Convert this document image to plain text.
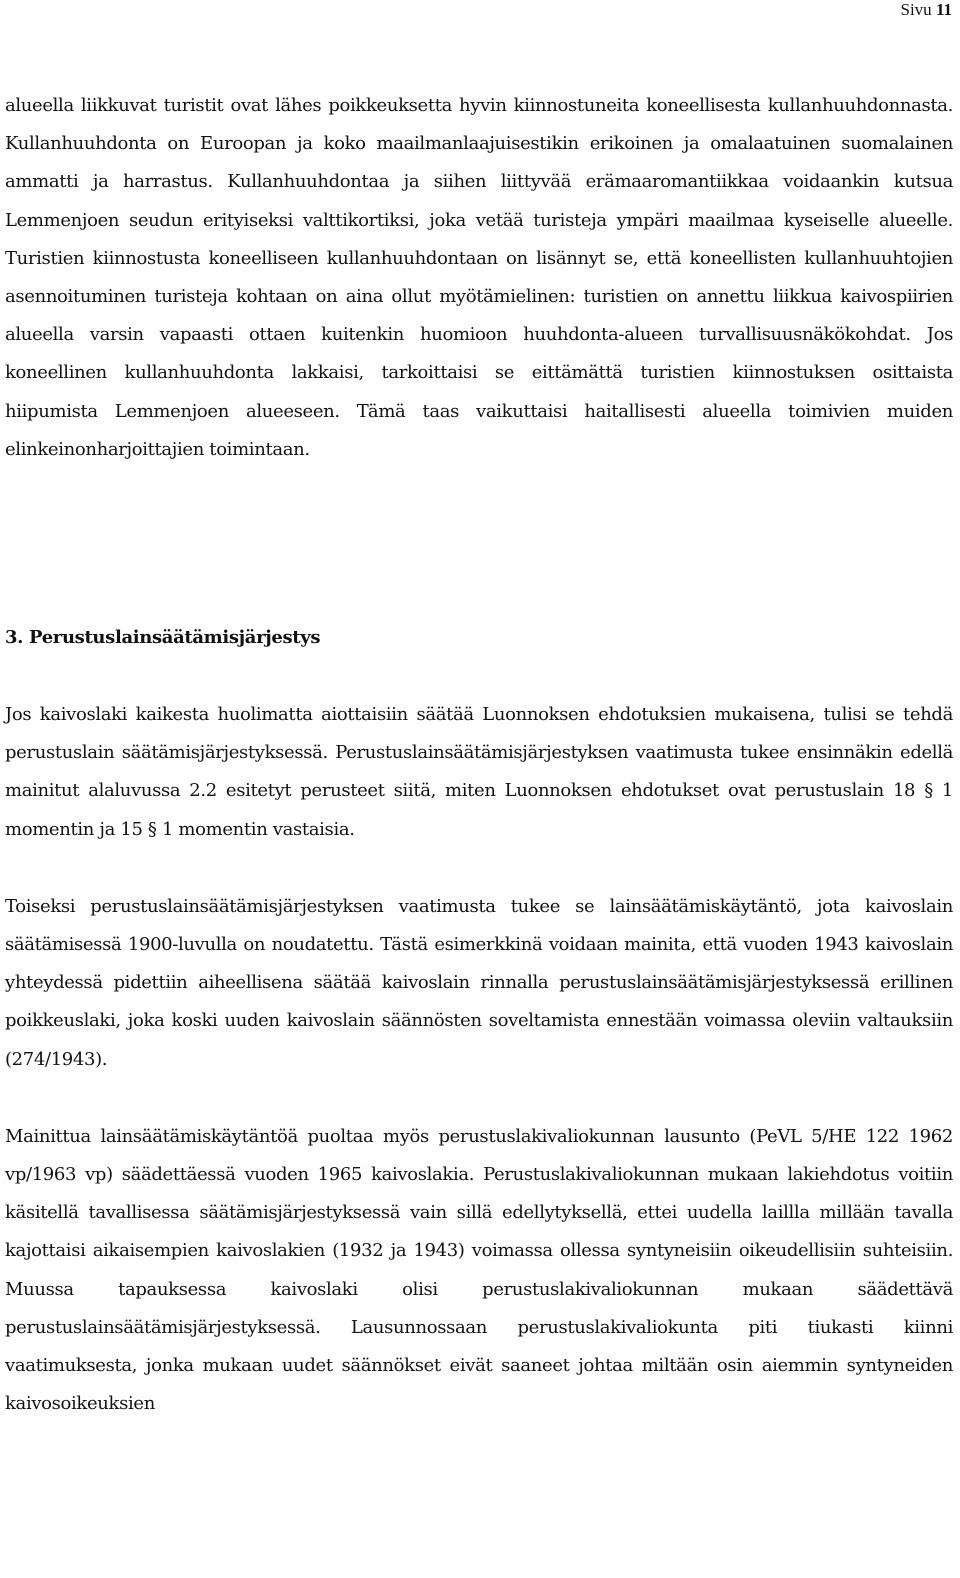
Sivu 11

alueella liikkuvat turistit ovat lähes poikkeuksetta hyvin kiinnostuneita koneellisesta kullanhuuhdonnasta. Kullanhuuhdonta on Euroopan ja koko maailmanlaajuisestikin erikoinen ja omalaatuinen suomalainen ammatti ja harrastus. Kullanhuuhdontaa ja siihen liittyvää erämaaromantiikkaa voidaankin kutsua Lemmenjoen seudun erityiseksi valttikortiksi, joka vetää turisteja ympäri maailmaa kyseiselle alueelle. Turistien kiinnostusta koneelliseen kullanhuuhdontaan on lisännyt se, että koneellisten kullanhuuhtojien asennoituminen turisteja kohtaan on aina ollut myötämielinen: turistien on annettu liikkua kaivospiirien alueella varsin vapaasti ottaen kuitenkin huomioon huuhdonta-alueen turvallisuusnäkökohdat. Jos koneellinen kullanhuuhdonta lakkaisi, tarkoittaisi se eittämättä turistien kiinnostuksen osittaista hiipumista Lemmenjoen alueeseen. Tämä taas vaikuttaisi haitallisesti alueella toimivien muiden elinkeinonharjoittajien toimintaan.

3. Perustuslainsäätämisjärjestys

Jos kaivoslaki kaikesta huolimatta aiottaisiin säätää Luonnoksen ehdotuksien mukaisena, tulisi se tehdä perustuslain säätämisjärjestyksessä. Perustuslainsäätämisjärjestyksen vaatimusta tukee ensinnäkin edellä mainitut alaluvussa 2.2 esitetyt perusteet siitä, miten Luonnoksen ehdotukset ovat perustuslain 18 § 1 momentin ja 15 § 1 momentin vastaisia.

Toiseksi perustuslainsäätämisjärjestyksen vaatimusta tukee se lainsäätämiskäytäntö, jota kaivoslain säätämisessä 1900-luvulla on noudatettu. Tästä esimerkkinä voidaan mainita, että vuoden 1943 kaivoslain yhteydessä pidettiin aiheellisena säätää kaivoslain rinnalla perustuslainsäätämisjärjestyksessä erillinen poikkeuslaki, joka koski uuden kaivoslain säännösten soveltamista ennestään voimassa oleviin valtauksiin (274/1943).

Mainittua lainsäätämiskäytäntöä puoltaa myös perustuslakivaliokunnan lausunto (PeVL 5/HE 122 1962 vp/1963 vp) säädettäessä vuoden 1965 kaivoslakia. Perustuslakivaliokunnan mukaan lakiehdotus voitiin käsitellä tavallisessa säätämisjärjestyksessä vain sillä edellytyksellä, ettei uudella laillla millään tavalla kajottaisi aikaisempien kaivoslakien (1932 ja 1943) voimassa ollessa syntyneisiin oikeudellisiin suhteisiin. Muussa tapauksessa kaivoslaki olisi perustuslakivaliokunnan mukaan säädettävä perustuslainsäätämisjärjestyksessä. Lausunnossaan perustuslakivaliokunta piti tiukasti kiinni vaatimuksesta, jonka mukaan uudet säännökset eivät saaneet johtaa miltään osin aiemmin syntyneiden kaivosoikeuksien
